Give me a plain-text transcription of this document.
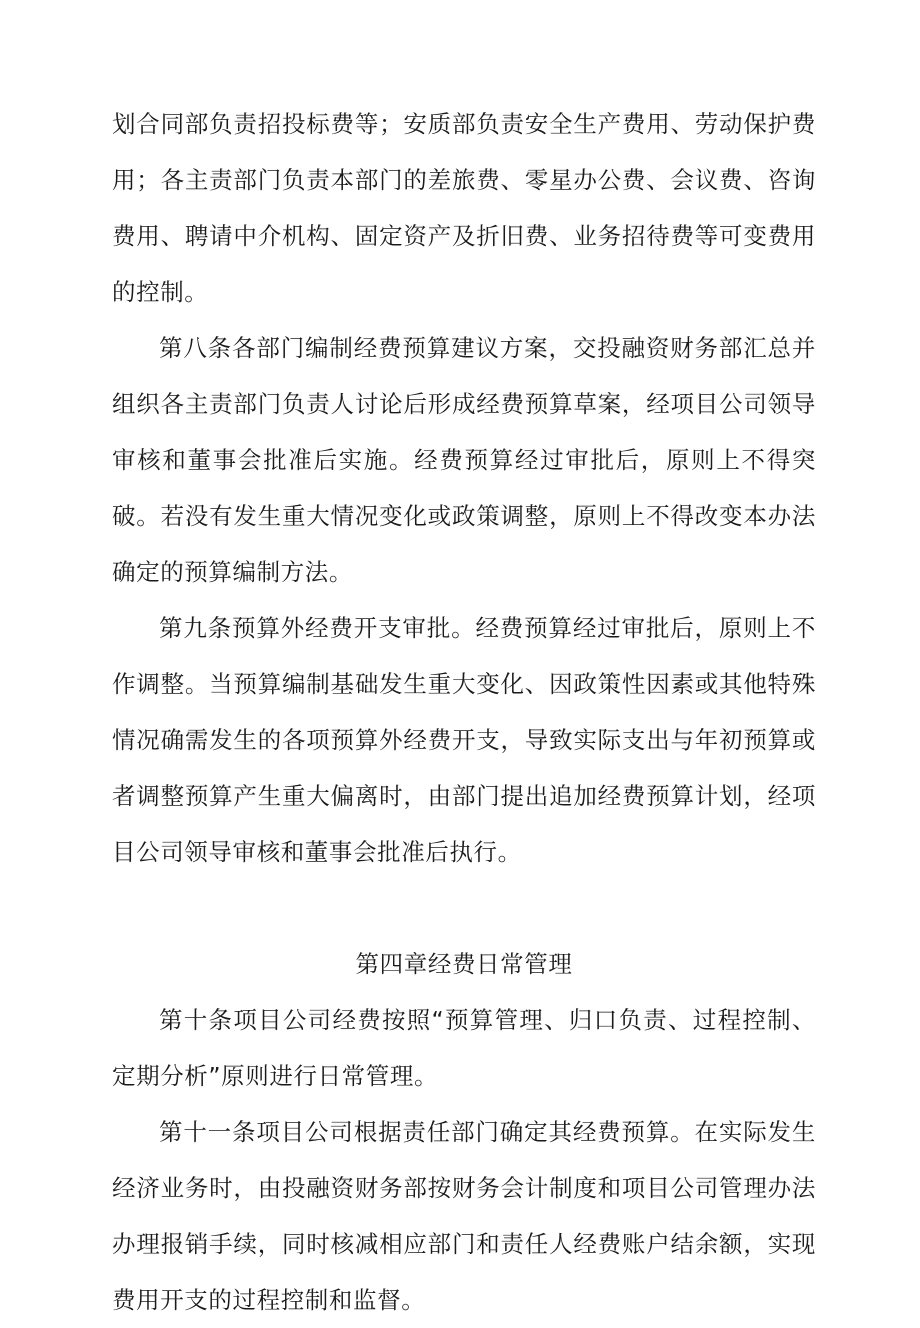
划合同部负责招投标费等；安质部负责安全生产费用、劳动保护费用；各主责部门负责本部门的差旅费、零星办公费、会议费、咨询费用、聘请中介机构、固定资产及折旧费、业务招待费等可变费用的控制。

第八条各部门编制经费预算建议方案，交投融资财务部汇总并组织各主责部门负责人讨论后形成经费预算草案，经项目公司领导审核和董事会批准后实施。经费预算经过审批后，原则上不得突破。若没有发生重大情况变化或政策调整，原则上不得改变本办法确定的预算编制方法。

第九条预算外经费开支审批。经费预算经过审批后，原则上不作调整。当预算编制基础发生重大变化、因政策性因素或其他特殊情况确需发生的各项预算外经费开支，导致实际支出与年初预算或者调整预算产生重大偏离时，由部门提出追加经费预算计划，经项目公司领导审核和董事会批准后执行。

第四章经费日常管理

第十条项目公司经费按照“预算管理、归口负责、过程控制、定期分析”原则进行日常管理。

第十一条项目公司根据责任部门确定其经费预算。在实际发生经济业务时，由投融资财务部按财务会计制度和项目公司管理办法办理报销手续，同时核减相应部门和责任人经费账户结余额，实现费用开支的过程控制和监督。
